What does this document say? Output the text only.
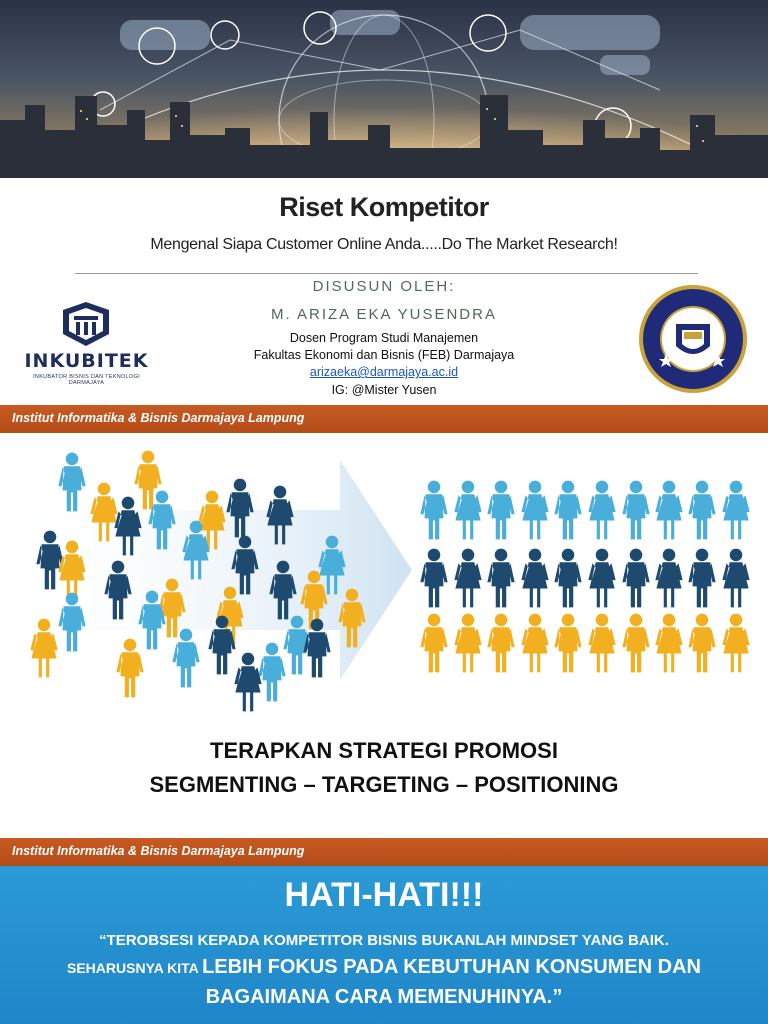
Riset Kompetitor
Mengenal Siapa Customer Online Anda.....Do The Market Research!
DISUSUN OLEH:
M. ARIZA EKA YUSENDRA
Dosen Program Studi Manajemen
Fakultas Ekonomi dan Bisnis (FEB) Darmajaya
arizaeka@darmajaya.ac.id
IG: @Mister Yusen
INKUBITEK
INKUBATOR BISNIS DAN TEKNOLOGI
DARMAJAYA
Institut Informatika & Bisnis Darmajaya Lampung
TERAPKAN STRATEGI PROMOSI
SEGMENTING – TARGETING – POSITIONING
Institut Informatika & Bisnis Darmajaya Lampung
HATI-HATI!!!
“TEROBSESI KEPADA KOMPETITOR BISNIS BUKANLAH MINDSET YANG BAIK.
SEHARUSNYA KITA LEBIH FOKUS PADA KEBUTUHAN KONSUMEN DAN
BAGAIMANA CARA MEMENUHINYA.”
